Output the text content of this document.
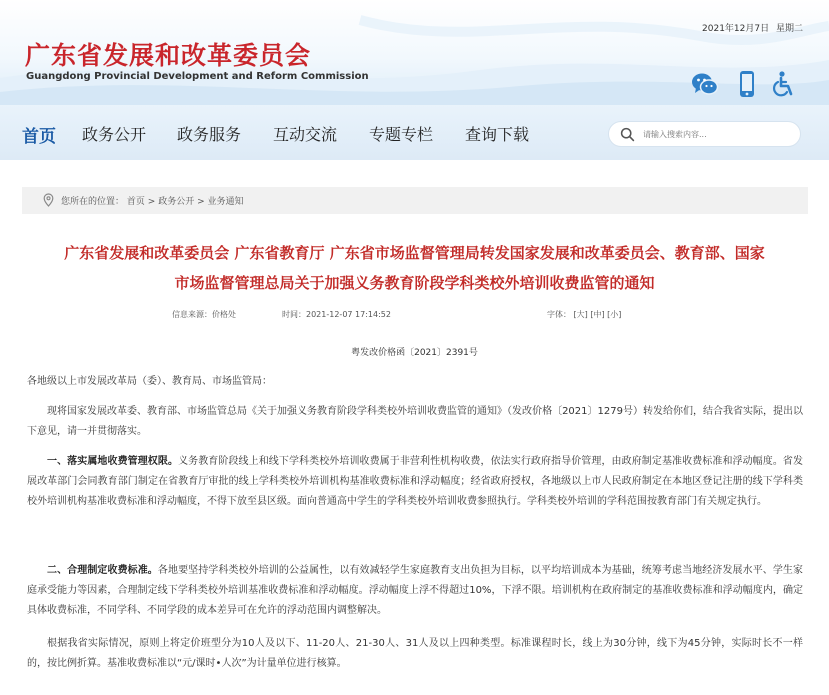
2021年12月7日 星期二
广东省发展和改革委员会
Guangdong Provincial Development and Reform Commission
首页 政务公开 政务服务 互动交流 专题专栏 查询下载
请输入搜索内容...
您所在的位置： 首页 > 政务公开 > 业务通知
广东省发展和改革委员会 广东省教育厅 广东省市场监督管理局转发国家发展和改革委员会、教育部、国家
市场监督管理总局关于加强义务教育阶段学科类校外培训收费监管的通知
信息来源：价格处	时间：2021-12-07 17:14:52	字体： [大] [中] [小]
粤发改价格函〔2021〕2391号
各地级以上市发展改革局（委）、教育局、市场监管局：
现将国家发展改革委、教育部、市场监管总局《关于加强义务教育阶段学科类校外培训收费监管的通知》（发改价格〔2021〕1279号）转发给你们，结合我省实际，提出以下意见，请一并贯彻落实。
一、落实属地收费管理权限。义务教育阶段线上和线下学科类校外培训收费属于非营利性机构收费，依法实行政府指导价管理，由政府制定基准收费标准和浮动幅度。省发展改革部门会同教育部门制定在省教育厅审批的线上学科类校外培训机构基准收费标准和浮动幅度；经省政府授权，各地级以上市人民政府制定在本地区登记注册的线下学科类校外培训机构基准收费标准和浮动幅度，不得下放至县区级。面向普通高中学生的学科类校外培训收费参照执行。学科类校外培训的学科范围按教育部门有关规定执行。
二、合理制定收费标准。各地要坚持学科类校外培训的公益属性，以有效减轻学生家庭教育支出负担为目标，以平均培训成本为基础，统筹考虑当地经济发展水平、学生家庭承受能力等因素，合理制定线下学科类校外培训基准收费标准和浮动幅度。浮动幅度上浮不得超过10%，下浮不限。培训机构在政府制定的基准收费标准和浮动幅度内，确定具体收费标准，不同学科、不同学段的成本差异可在允许的浮动范围内调整解决。
根据我省实际情况，原则上将定价班型分为10人及以下、11-20人、21-30人、31人及以上四种类型。标准课程时长，线上为30分钟，线下为45分钟，实际时长不一样的，按比例折算。基准收费标准以“元/课时•人次”为计量单位进行核算。
